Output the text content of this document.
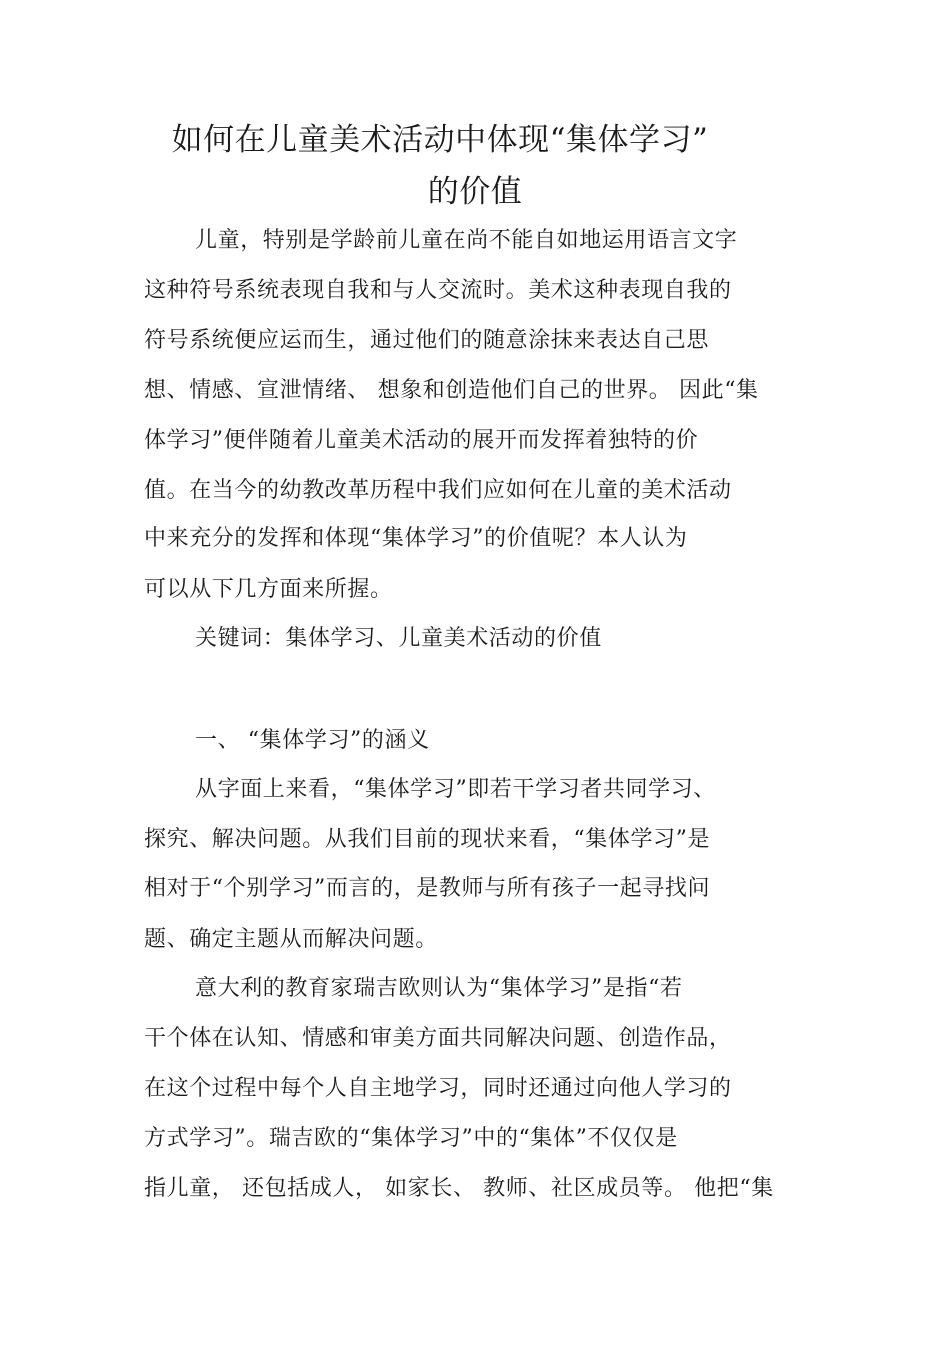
如何在儿童美术活动中体现“集体学习”
的价值
儿童，特别是学龄前儿童在尚不能自如地运用语言文字
这种符号系统表现自我和与人交流时。美术这种表现自我的
符号系统便应运而生，通过他们的随意涂抹来表达自己思
想、情感、宣泄情绪、 想象和创造他们自己的世界。 因此“集
体学习”便伴随着儿童美术活动的展开而发挥着独特的价
值。在当今的幼教改革历程中我们应如何在儿童的美术活动
中来充分的发挥和体现“集体学习”的价值呢？本人认为
可以从下几方面来所握。
关键词：集体学习、儿童美术活动的价值
一、 “集体学习”的涵义
从字面上来看，“集体学习”即若干学习者共同学习、
探究、解决问题。从我们目前的现状来看，“集体学习”是
相对于“个别学习”而言的，是教师与所有孩子一起寻找问
题、确定主题从而解决问题。
意大利的教育家瑞吉欧则认为“集体学习”是指“若
干个体在认知、情感和审美方面共同解决问题、创造作品，
在这个过程中每个人自主地学习，同时还通过向他人学习的
方式学习”。瑞吉欧的“集体学习”中的“集体”不仅仅是
指儿童， 还包括成人， 如家长、 教师、社区成员等。 他把“集
